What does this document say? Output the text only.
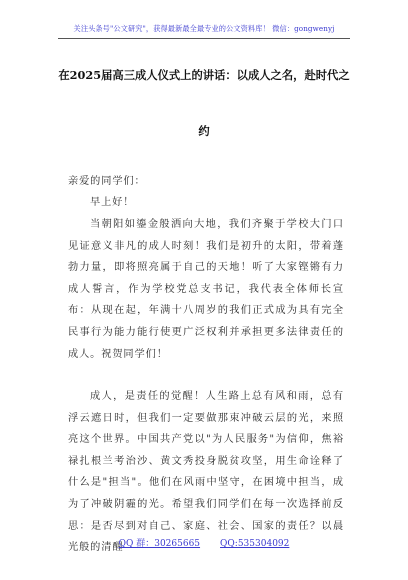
关注头条号"公文研究"，获得最新最全最专业的公文资料库！ 微信：gongwenyj
在2025届高三成人仪式上的讲话：以成人之名，赴时代之
约
亲爱的同学们：
早上好！
当朝阳如鎏金般洒向大地，我们齐聚于学校大门口见证意义非凡的成人时刻！我们是初升的太阳，带着蓬勃力量，即将照亮属于自己的天地！听了大家铿锵有力成人誓言，作为学校党总支书记，我代表全体师长宣布：从现在起，年满十八周岁的我们正式成为具有完全民事行为能力能行使更广泛权利并承担更多法律责任的成人。祝贺同学们！
成人，是责任的觉醒！人生路上总有风和雨，总有浮云遮日时，但我们一定要做那束冲破云层的光，来照亮这个世界。中国共产党以"为人民服务"为信仰，焦裕禄扎根兰考治沙、黄文秀投身脱贫攻坚，用生命诠释了什么是"担当"。他们在风雨中坚守，在困境中担当，成为了冲破阴霾的光。希望我们同学们在每一次选择前反思：是否尽到对自己、家庭、社会、国家的责任？以晨光般的清醒
QQ 群：30265665 QQ:535304092
